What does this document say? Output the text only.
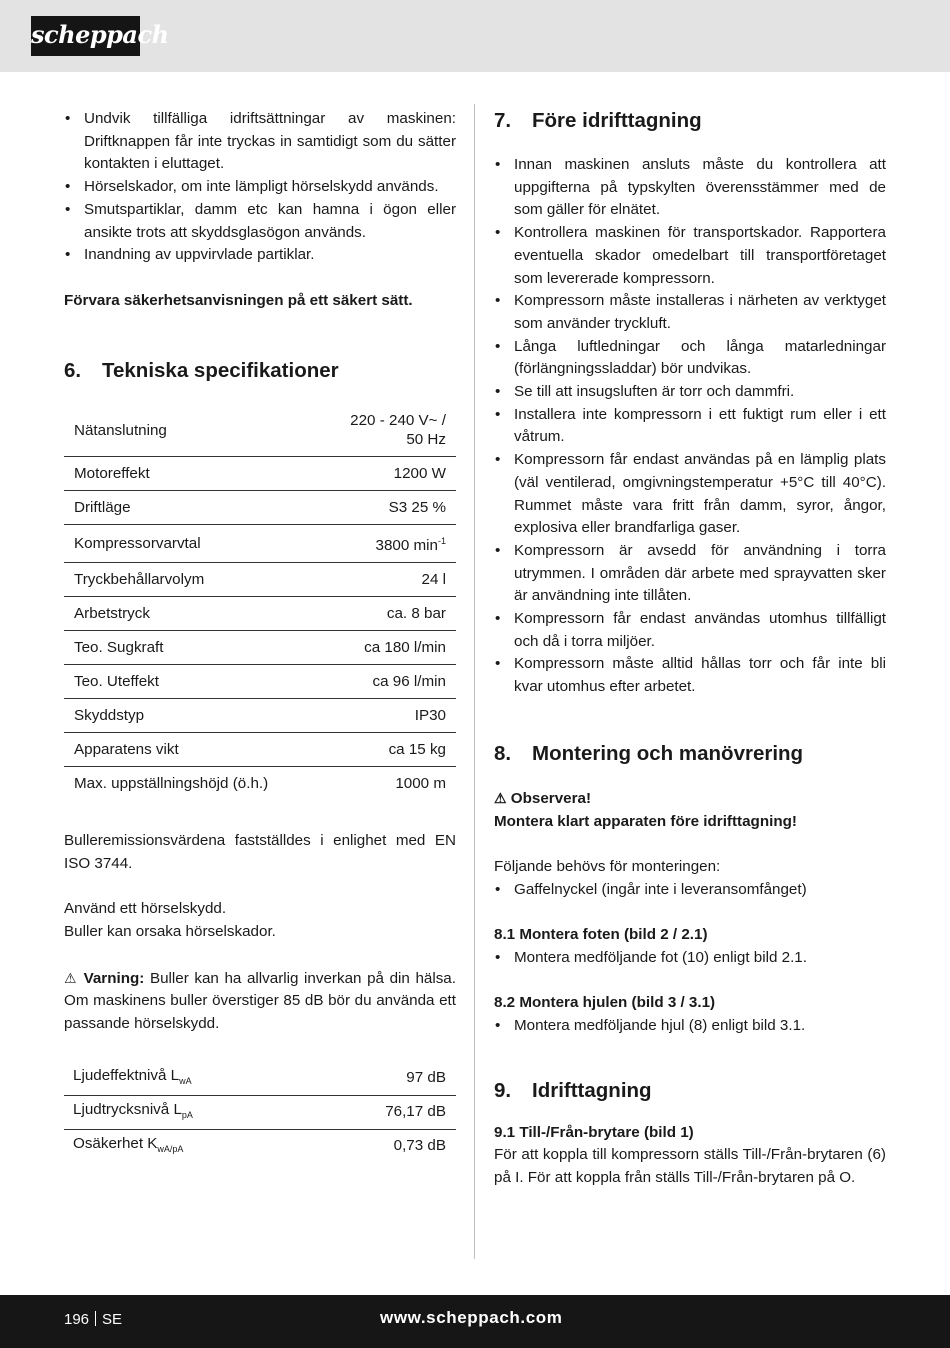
scheppach
• Undvik tillfälliga idriftsättningar av maskinen: Driftknappen får inte tryckas in samtidigt som du sätter kontakten i eluttaget.
• Hörselskador, om inte lämpligt hörselskydd används.
• Smutspartiklar, damm etc kan hamna i ögon eller ansikte trots att skyddsglasögon används.
• Inandning av uppvirvlade partiklar.

Förvara säkerhetsanvisningen på ett säkert sätt.

6.	Tekniska specifikationer
Nätanslutning	220 - 240 V~ / 50 Hz
Motoreffekt	1200 W
Driftläge	S3 25 %
Kompressorvarvtal	3800 $\min^{-1}$
Tryckbehållarvolym	24 l
Arbetstryck	ca. 8 bar
Teo. Sugkraft	ca 180 l/min
Teo. Uteffekt	ca 96 l/min
Skyddstyp	IP30
Apparatens vikt	ca 15 kg
Max. uppställningshöjd (ö.h.)	1000 m

Bulleremissionsvärdena fastställdes i enlighet med EN ISO 3744.

Använd ett hörselskydd.

Buller kan orsaka hörselskador.

⚠ Varning: Buller kan ha allvarlig inverkan på din hälsa. Om maskinens buller överstiger 85 dB bör du använda ett passande hörselskydd.

Ljudeffektnivå $L_{wA}$	97 dB
Ljudtrycksnivå $L_{pA}$	76,17 dB
Osäkerhet $K_{wA/pA}$	0,73 dB
7.	Före idrifttagning
• Innan maskinen ansluts måste du kontrollera att uppgifterna på typskylten överensstämmer med de som gäller för elnätet.
• Kontrollera maskinen för transportskador. Rapportera eventuella skador omedelbart till transportföretaget som levererade kompressorn.
• Kompressorn måste installeras i närheten av verktyget som använder tryckluft.
• Långa luftledningar och långa matarledningar (förlängningssladdar) bör undvikas.
• Se till att insugsluften är torr och dammfri.
• Installera inte kompressorn i ett fuktigt rum eller i ett våtrum.
• Kompressorn får endast användas på en lämplig plats (väl ventilerad, omgivningstemperatur +5°C till 40°C). Rummet måste vara fritt från damm, syror, ångor, explosiva eller brandfarliga gaser.
• Kompressorn är avsedd för användning i torra utrymmen. I områden där arbete med sprayvatten sker är användning inte tillåten.
• Kompressorn får endast användas utomhus tillfälligt och då i torra miljöer.
• Kompressorn måste alltid hållas torr och får inte bli kvar utomhus efter arbetet.
8.	Montering och manövrering

⚠ Observera!

Montera klart apparaten före idrifttagning!

Följande behövs för monteringen:

• Gaffelnyckel (ingår inte i leveransomfånget)

8.1 Montera foten (bild 2 / 2.1)

• Montera medföljande fot (10) enligt bild 2.1.

8.2 Montera hjulen (bild 3 / 3.1)

• Montera medföljande hjul (8) enligt bild 3.1.
9.	Idrifttagning

9.1 Till-/Från-brytare (bild 1)

För att koppla till kompressorn ställs Till-/Från-brytaren (6) på I. För att koppla från ställs Till-/Från-brytaren på O.

196 SE	www.scheppach.com
